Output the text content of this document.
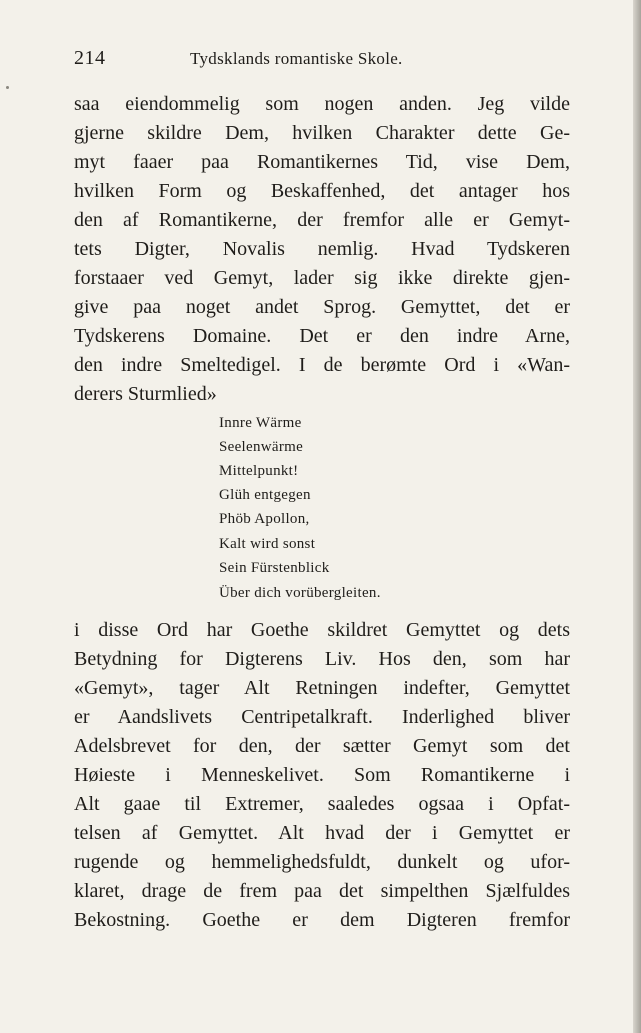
214	Tydsklands romantiske Skole.
saa eiendommelig som nogen anden. Jeg vilde
gjerne skildre Dem, hvilken Charakter dette Ge-
myt faaer paa Romantikernes Tid, vise Dem,
hvilken Form og Beskaffenhed, det antager hos
den af Romantikerne, der fremfor alle er Gemyt-
tets Digter, Novalis nemlig. Hvad Tydskeren
forstaaer ved Gemyt, lader sig ikke direkte gjen-
give paa noget andet Sprog. Gemyttet, det er
Tydskerens Domaine. Det er den indre Arne,
den indre Smeltedigel. I de berømte Ord i «Wan-
derers Sturmlied»
Innre Wärme
Seelenwärme
Mittelpunkt!
Glüh entgegen
Phöb Apollon,
Kalt wird sonst
Sein Fürstenblick
Über dich vorübergleiten.
i disse Ord har Goethe skildret Gemyttet og dets
Betydning for Digterens Liv. Hos den, som har
«Gemyt», tager Alt Retningen indefter, Gemyttet
er Aandslivets Centripetalkraft. Inderlighed bliver
Adelsbrevet for den, der sætter Gemyt som det
Høieste i Menneskelivet. Som Romantikerne i
Alt gaae til Extremer, saaledes ogsaa i Opfat-
telsen af Gemyttet. Alt hvad der i Gemyttet er
rugende og hemmelighedsfuldt, dunkelt og ufor-
klaret, drage de frem paa det simpelthen Sjælfuldes
Bekostning. Goethe er dem Digteren fremfor
